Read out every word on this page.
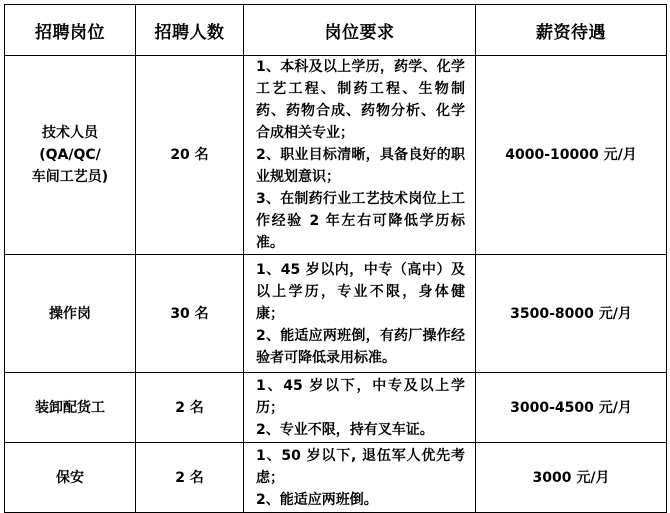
招聘岗位	招聘人数	岗位要求	薪资待遇

技术人员
(QA/QC/
车间工艺员)	20 名	1、本科及以上学历，药学、化学工艺工程、制药工程、生物制药、药物合成、药物分析、化学合成相关专业；
2、职业目标清晰，具备良好的职业规划意识；
3、在制药行业工艺技术岗位上工作经验 2 年左右可降低学历标准。	4000-10000 元/月

操作岗	30 名	1、45 岁以内，中专（高中）及以上学历，专业不限，身体健康；
2、能适应两班倒，有药厂操作经验者可降低录用标准。	3500-8000 元/月

装卸配货工	2 名	1、45 岁以下，中专及以上学历；
2、专业不限，持有叉车证。	3000-4500 元/月

保安	2 名	1、50 岁以下, 退伍军人优先考虑；
2、能适应两班倒。	3000 元/月
